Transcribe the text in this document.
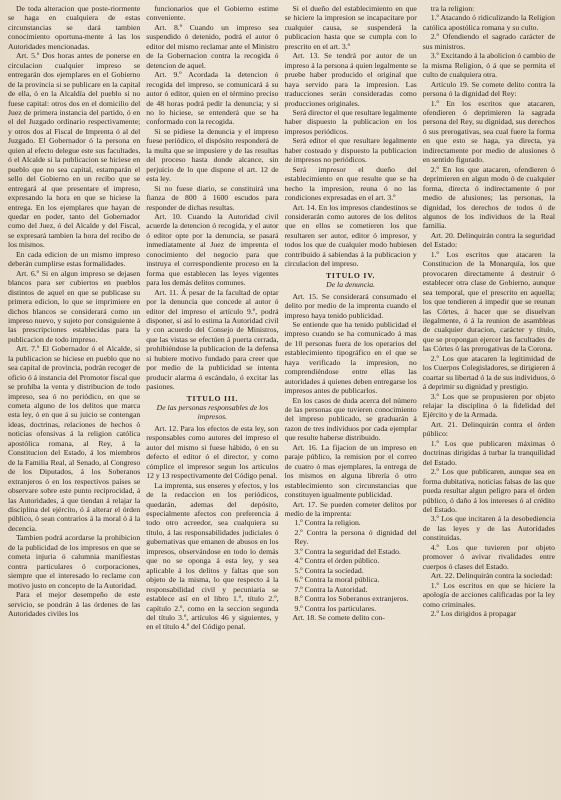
De toda alteracion que poste-riormente se haga en cualquiera de estas circunstancias se dará tambien conocimiento oportuna-mente á las los Autoridades mencionadas.

Art. 5.º Dos horas antes de ponerse en circulacion cualquier impreso se entregarán dos ejemplares en el Gobierno de la provincia si se publicare en la capital de ella, ó en la Alcaldía del pueblo si no fuese capital: otros dos en el domicilio del Juez de primera instancia del partido, ó en el del Juzgado ordinario respectivamente; y otros dos al Fiscal de Imprenta ó al del Juzgado. El Gobernador ó la persona en quien al efecto delegue este sus facultades, ó el Alcalde si la publicacion se hiciese en pueblo que no sea capital, estamparán el sello del Gobierno en un recibo que se entregará al que presentare el impreso, expresando la hora en que se hiciese la entrega. En los ejemplares que hayan de quedar en poder, tanto del Gobernador como del Juez, ó del Alcalde y del Fiscal, se expresará tambien la hora del recibo de los mismos.

En cada edicion de un mismo impreso deberán cumplirse estas formalidades.

Art. 6.º Si en algun impreso se dejasen blancos para ser cubiertos en pueblos distintos de aquel en que se publicase su primera edicion, lo que se imprimiere en dichos blancos se considerará como un impreso nuevo, y sujeto por consiguiente á las prescripciones establecidas para la publicacion de todo impreso.

Art. 7.º El Gobernador ó el Alcalde, si la publicacion se hiciese en pueblo que no sea capital de provincia, podrán recoger de oficio ó á instancia del Promotor fiscal que se prohíba la venta y distribucion de todo impreso, sea ó no periódico, en que se cometa alguno de los delitos que marca esta ley, ó en que á su juicio se contengan ideas, doctrinas, relaciones de hechos ó noticias ofensivas á la religion católica apostólica romana, al Rey, á la Constitucion del Estado, á los miembros de la Familia Real, al Senado, al Congreso de los Diputados, á los Soberanos extranjeros ó en los respectivos países se observare sobre este punto reciprocidad, á las Autoridades, á que tiendan á relajar la disciplina del ejército, ó á alterar el órden público, ó sean contrarios á la moral ó á la decencia.

Tambien podrá acordarse la prohibicion de la publicidad de los impresos en que se cometa injuria ó calumnia manifiestas contra particulares ó corporaciones, siempre que el interesado lo reclame con motivo justo en concepto de la Autoridad.

Para el mejor desempeño de este servicio, se pondrán á las órdenes de las Autoridades civiles los

funcionarios que el Gobierno estime conveniente.

Art. 8.º Cuando un impreso sea suspendido ó detenido, podrá el autor ó editor del mismo reclamar ante el Ministro de la Gobernacion contra la recogida ó detencion de aquel.

Art. 9.º Acordada la detencion ó recogida del impreso, se comunicará á su autor ó editor, quien en el término preciso de 48 horas podrá pedir la denuncia; y si no lo hiciese, se entenderá que se ha conformado con la recogida.

Si se pidiese la denuncia y el impreso fuese periódico, el dispósito responderá de la multa que se impusiere y de las resultas del proceso hasta donde alcance, sin perjuicio de lo que dispone el art. 12 de esta ley.

Si no fuese diario, se constituirá una fianza de 800 á 1600 escudos para responder de dichas resultas.

Art. 10. Cuando la Autoridad civil acuerde la detencion ó recogida, y el autor ó editor opte por la denuncia, se pasará inmediatamente al Juez de imprenta el conocimiento del negocio para que instruya el correspondiente proceso en la forma que establecen las leyes vigentes para los demás delitos comunes.

Art. 11. Á pesar de la facultad de optar por la denuncia que concede al autor ó editor del impreso el artículo 9.º, podrá disponer, si así lo estima la Autoridad civil y con acuerdo del Consejo de Ministros, que las vistas se efectúen á puerta cerrada, prohibiéndose la publicacion de la defensa si hubiere motivo fundado para creer que por medio de la publicidad se intenta producir alarma ó escándalo, ó excitar las pasiones.

TITULO III.

De las personas responsables de los impresos.

Art. 12. Para los efectos de esta ley, son responsables como autores del impreso el autor del mismo si fuese hábido, ó en su defecto el editor ó el director, y como cómplice el impresor segun los artículos 12 y 13 respectivamente del Código penal.

La imprenta, sus enseres y efectos, y los de la redaccion en los periódicos, quedarán, ademas del depósito, especialmente afectos con preferencia á todo otro acreedor, sea cualquiera su título, á las responsabilidades judiciales ó gubernativas que emanen de abusos en los impresos, observándose en todo lo demás que no se oponga á esta ley, y sea aplicable á los delitos y faltas que son objeto de la misma, lo que respecto á la responsabilidad civil y pecuniaria se establece así en el libro 1.º, título 2.º, capítulo 2.º, como en la seccion segunda del título 3.º, artículos 46 y siguientes, y en el título 4.º del Código penal.

Si el dueño del establecimiento en que se hiciere la impresion se incapacitare por cualquier causa, se suspenderá la publicacion hasta que se cumpla con lo prescrito en el art. 3.º

Art. 13. Se tendrá por autor de un impreso á la persona á quien legalmente se pruebe haber producido el original que haya servido para la impresion. Las traducciones serán consideradas como producciones originales.

Será director el que resultare legalmente haber dispuesto la publicacion en los impresos periódicos.

Será editor el que resultare legalmente haber costeado y dispuesto la publicacion de impresos no periódicos.

Será impresor el dueño del establecimiento en que resulte que se ha hecho la impresion, reuna ó no las condiciones expresadas en el art. 3.º

Art. 14. En los impresos clandestinos se considerarán como autores de los delitos que en ellos se cometieren los que resultaren ser autor, editor ó impresor, y todos los que de cualquier modo hubiesen contribuido á sabiendas á la publicacion y circulacion del impreso.

TITULO IV.

De la denuncia.

Art. 15. Se considerará consumado el delito por medio de la imprenta cuando el impreso haya tenido publicidad.

Se entiende que ha tenido publicidad el impreso cuando se ha comunicado á mas de 10 personas fuera de los operarios del establecimiento tipográfico en el que se haya verificado la impresion, no comprendiéndose entre ellas las autoridades á quienes deben entregarse los impresos antes de publicarlos.

En los casos de duda acerca del número de las personas que tuvieren conocimiento del impreso publicado, se graduarán á razon de tres individuos por cada ejemplar que resulte haberse distribuido.

Art. 16. La fijacion de un impreso en paraje público, la remision por el correo de cuatro ó mas ejemplares, la entrega de los mismos en alguna librería ó otro establecimiento son circunstancias que constituyen igualmente publicidad.

Art. 17. Se pueden cometer delitos por medio de la imprenta:

1.º Contra la religion.

2.º Contra la persona ó dignidad del Rey.

3.º Contra la seguridad del Estado.

4.º Contra el órden público.

5.º Contra la sociedad.

6.º Contra la moral pública.

7.º Contra la Autoridad.

8.º Contra los Soberanos extranjeros.

9.º Contra los particulares.

Art. 18. Se comete delito con-

tra la religion:

1.º Atacando ó ridiculizando la Religion católica apostólica romana y su culto.

2.º Ofendiendo el sagrado carácter de sus ministros.

3.º Excitando á la abolicion ó cambio de la misma Religion, ó á que se permita el culto de cualquiera otra.

Artículo 19. Se comete delito contra la persona ó la dignidad del Rey:

1.º En los escritos que atacaren, ofendieren ó deprimieren la sagrada persona del Rey, su dignidad, sus derechos ó sus prerogativas, sea cual fuere la forma en que esto se haga, ya directa, ya indirectamente por medio de alusiones ó en sentido figurado.

2.º En los que atacaren, ofendieren ó deprimieren en algun modo ó de cualquier forma, directa ó indirectamente ó por medio de alusiones; las personas, la dignidad, los derechos de todos ó de algunos de los individuos de la Real familia.

Art. 20. Delinquirán contra la seguridad del Estado:

1.º Los escritos que atacaren la Constitucion de la Monarquía, los que provocaren directamente á destruir ó establecer otra clase de Gobierno, aunque sea temporal, que el prescrito en aquella; los que tendieren á impedir que se reunan las Córtes, á hacer que se disuelvan ilegalmente, ó á la reunion de asambleas de cualquier duracion, carácter y título, que se propongan ejercer las facultades de las Córtes ó las prerogativas de la Corona.

2.º Los que atacaren la legitimidad de los Cuerpos Colegisladores, se dirigieren á coartar su libertad ó la de sus individuos, ó á deprimir su dignidad y prestigio.

3.º Los que se propusieren por objeto relajar la disciplina ó la fidelidad del Ejército y de la Armada.

Art. 21. Delinquirán contra el órden público:

1.º Los que publicaren máximas ó doctrinas dirigidas á turbar la tranquilidad del Estado.

2.º Los que publicaren, aunque sea en forma dubitativa, noticias falsas de las que pueda resultar algun peligro para el órden público, ó daño á los intereses ó al crédito del Estado.

3.º Los que incitaren á la desobediencia de las leyes y de las Autoridades constituidas.

4.º Los que tuvieren por objeto promover ó avivar rivalidades entre cuerpos ó clases del Estado.

Art. 22. Delinquirán contra la sociedad:

1.º Los escritos en que se hiciere la apología de acciones calificadas por la ley como criminales.

2.º Los dirigidos á propagar
